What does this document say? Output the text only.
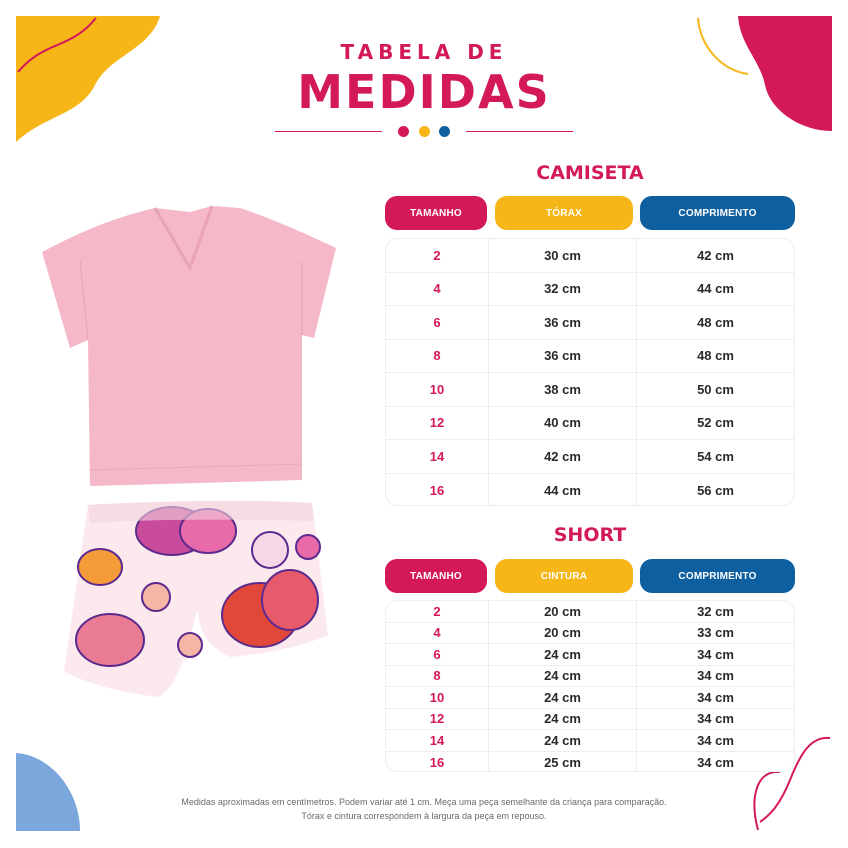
TABELA DE
MEDIDAS
CAMISETA
TAMANHO	TÓRAX	COMPRIMENTO
2	30 cm	42 cm
4	32 cm	44 cm
6	36 cm	48 cm
8	36 cm	48 cm
10	38 cm	50 cm
12	40 cm	52 cm
14	42 cm	54 cm
16	44 cm	56 cm
SHORT
TAMANHO	CINTURA	COMPRIMENTO
2	20 cm	32 cm
4	20 cm	33 cm
6	24 cm	34 cm
8	24 cm	34 cm
10	24 cm	34 cm
12	24 cm	34 cm
14	24 cm	34 cm
16	25 cm	34 cm
Medidas aproximadas em centímetros. Podem variar até 1 cm. Meça uma peça semelhante da criança para comparação.
Tórax e cintura correspondem à largura da peça em repouso.
